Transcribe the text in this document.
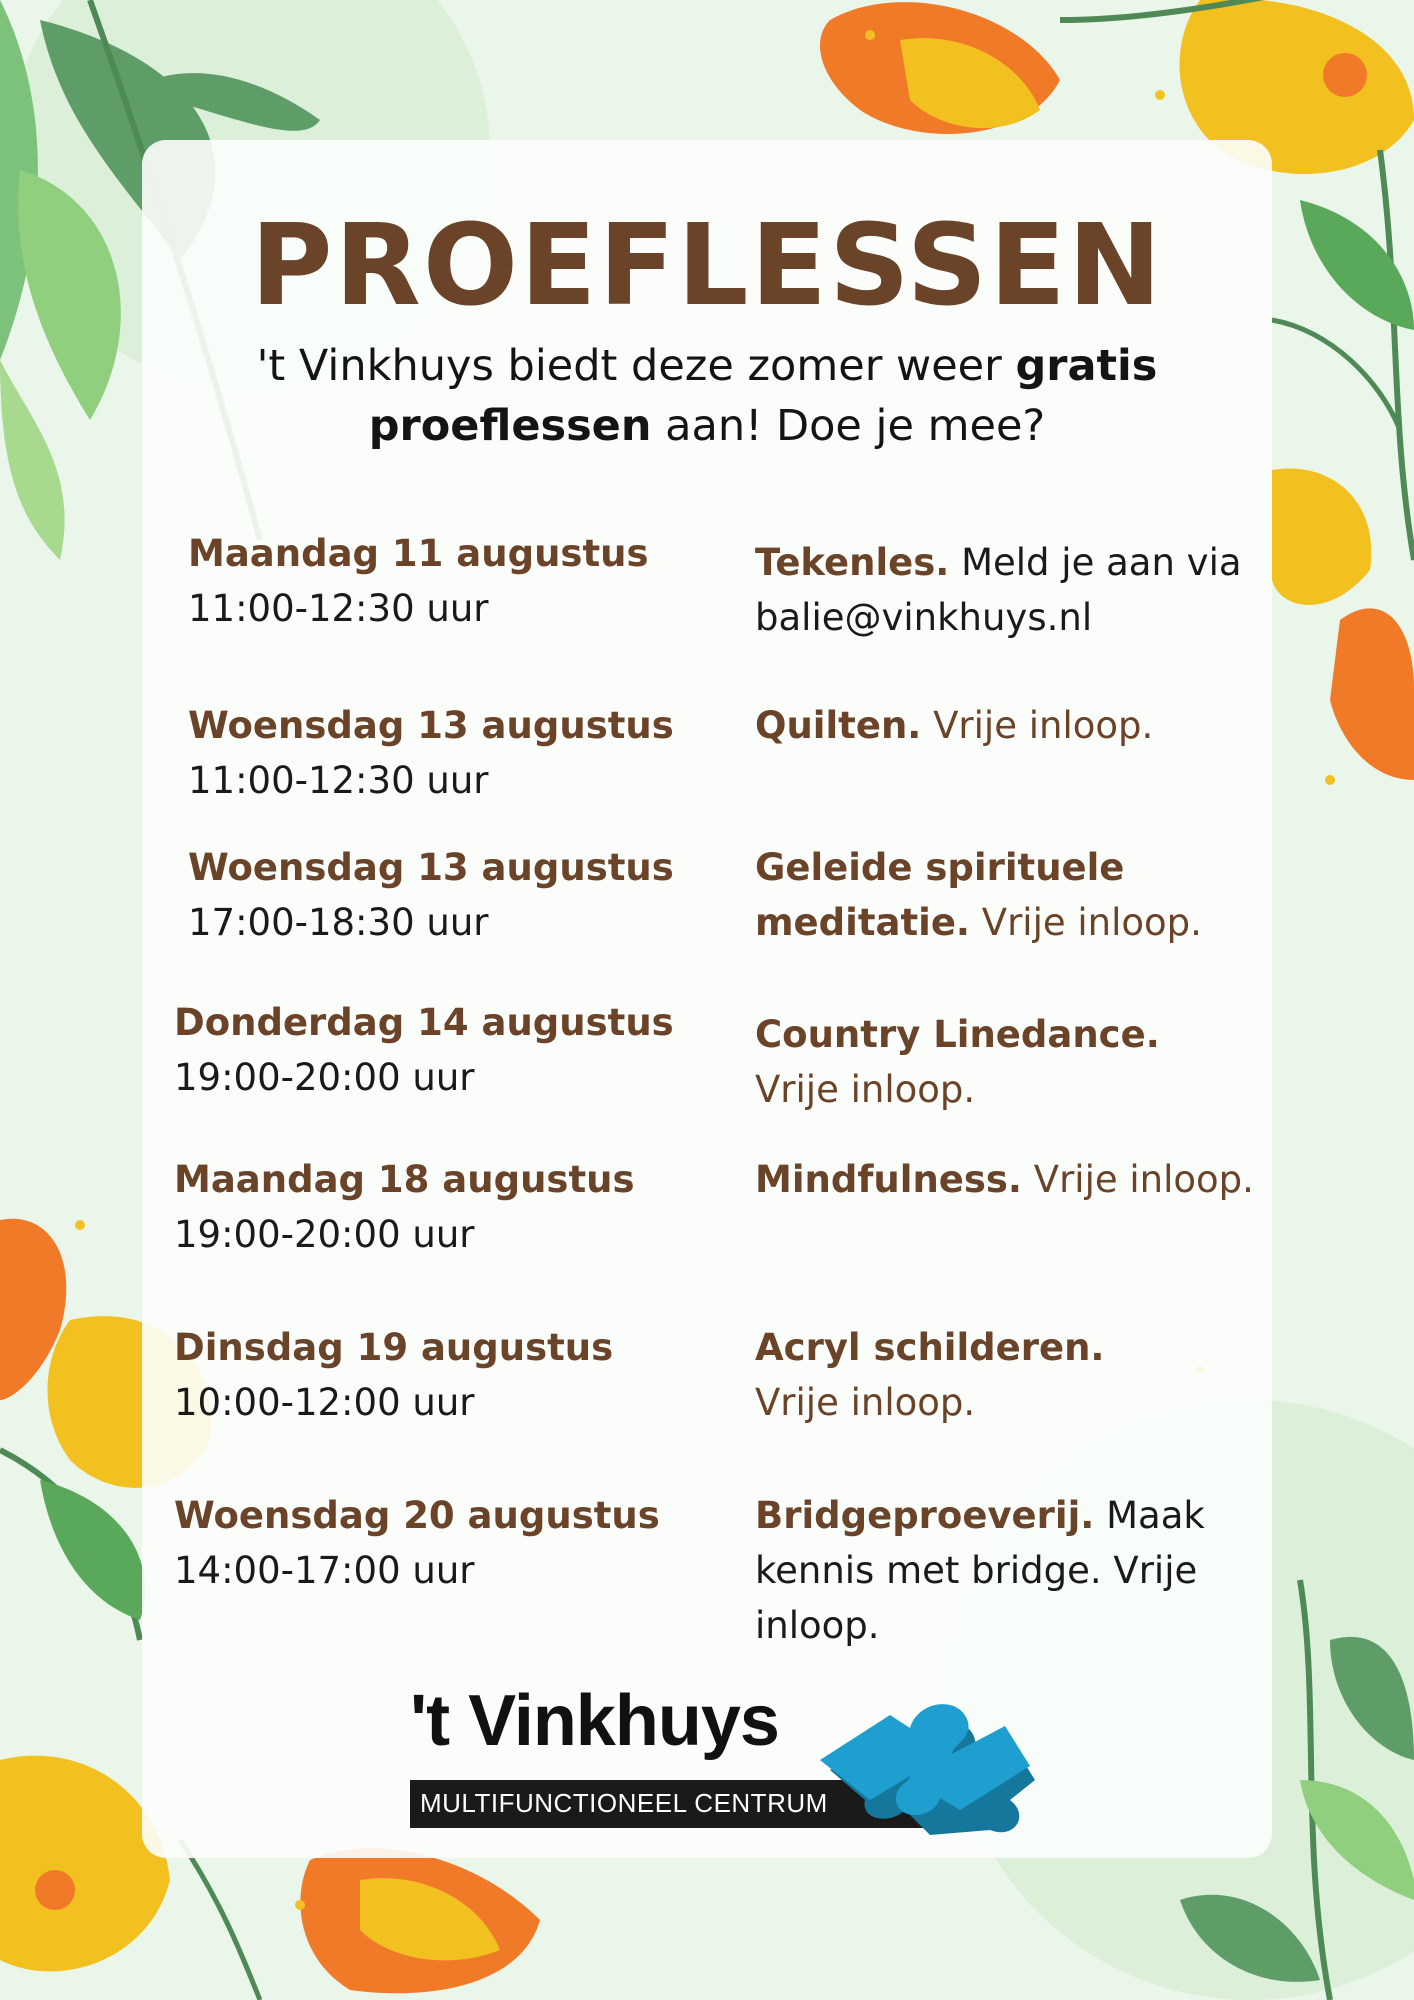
PROEFLESSEN

't Vinkhuys biedt deze zomer weer gratis proeflessen aan! Doe je mee?

Maandag 11 augustus
11:00-12:30 uur
Tekenles. Meld je aan via balie@vinkhuys.nl
Woensdag 13 augustus
11:00-12:30 uur
Quilten. Vrije inloop.
Woensdag 13 augustus
17:00-18:30 uur
Geleide spirituele meditatie. Vrije inloop.
Donderdag 14 augustus
19:00-20:00 uur
Country Linedance. Vrije inloop.
Maandag 18 augustus
19:00-20:00 uur
Mindfulness. Vrije inloop.
Dinsdag 19 augustus
10:00-12:00 uur
Acryl schilderen. Vrije inloop.
Woensdag 20 augustus
14:00-17:00 uur
Bridgeproeverij. Maak kennis met bridge. Vrije inloop.
't Vinkhuys
MULTIFUNCTIONEEL CENTRUM
